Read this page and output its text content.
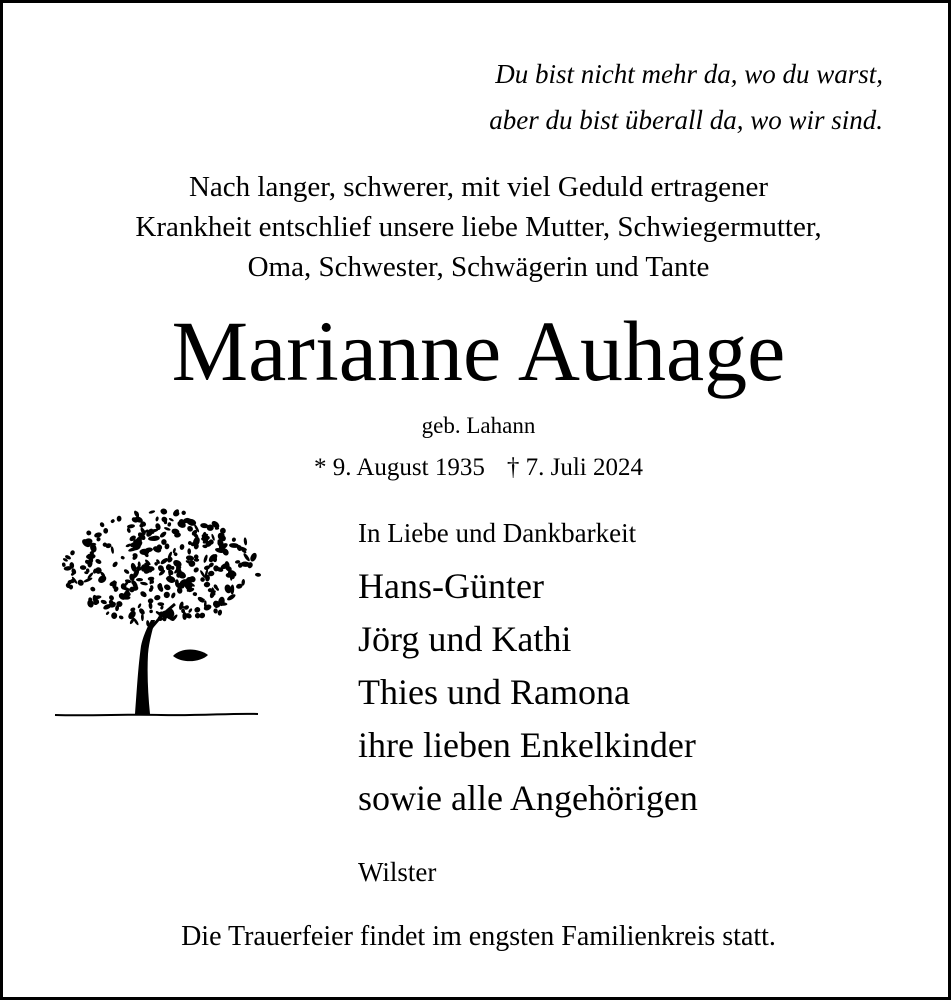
Du bist nicht mehr da, wo du warst,

aber du bist überall da, wo wir sind.

Nach langer, schwerer, mit viel Geduld ertragener

Krankheit entschlief unsere liebe Mutter, Schwiegermutter,

Oma, Schwester, Schwägerin und Tante

Marianne Auhage

geb. Lahann

* 9. August 1935 † 7. Juli 2024

In Liebe und Dankbarkeit

Hans-Günter

Jörg und Kathi

Thies und Ramona

ihre lieben Enkelkinder

sowie alle Angehörigen

Wilster

Die Trauerfeier findet im engsten Familienkreis statt.
